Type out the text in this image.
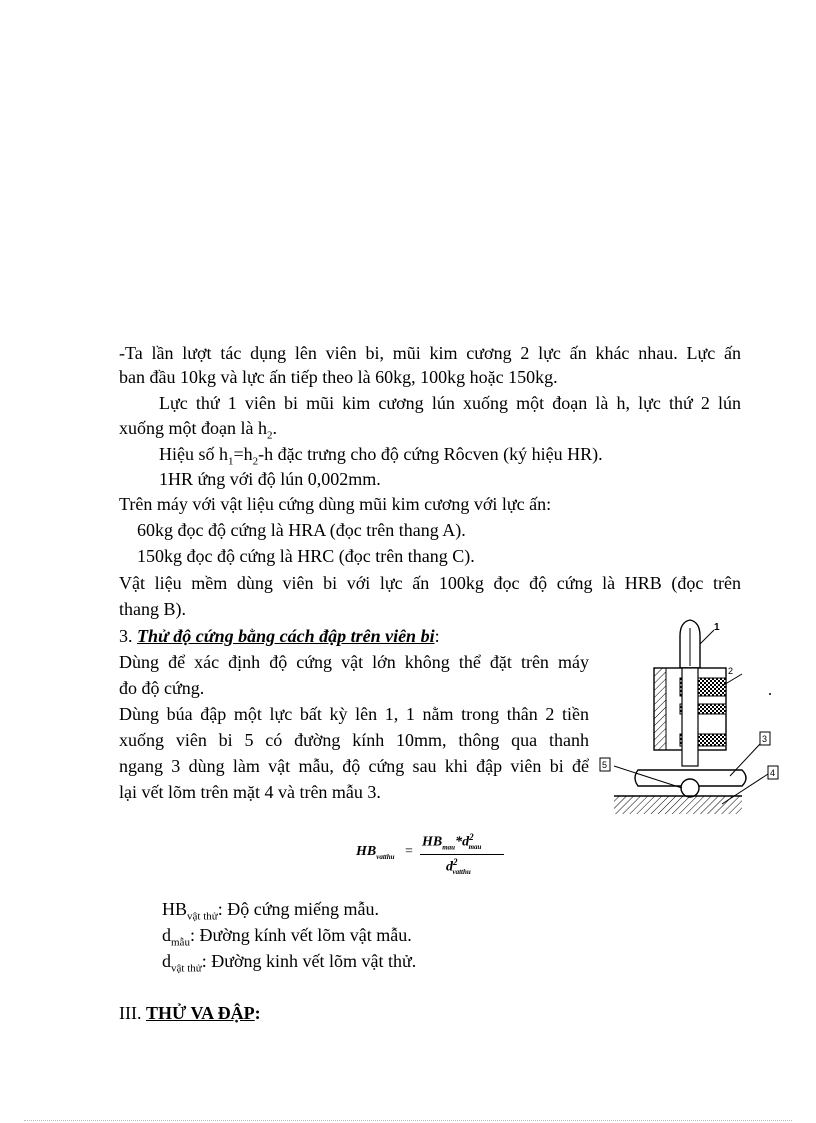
-Ta lần lượt tác dụng lên viên bi, mũi kim cương 2 lực ấn khác nhau. Lực ấn
ban đầu 10kg và lực ấn tiếp theo là 60kg, 100kg hoặc 150kg.
Lực thứ 1 viên bi mũi kim cương lún xuống một đoạn là h, lực thứ 2 lún
xuống một đoạn là $h_2$.
Hiệu số $h_1=h_2-h$ đặc trưng cho độ cứng Rôcven (ký hiệu HR).
1HR ứng với độ lún 0,002mm.
Trên máy với vật liệu cứng dùng mũi kim cương với lực ấn:
60kg đọc độ cứng là HRA (đọc trên thang A).
150kg đọc độ cứng là HRC (đọc trên thang C).
Vật liệu mềm dùng viên bi với lực ấn 100kg đọc độ cứng là HRB (đọc trên
thang B).
3. Thử độ cứng bằng cách đập trên viên bi:
Dùng để xác định độ cứng vật lớn không thể đặt trên máy
đo độ cứng.
Dùng búa đập một lực bất kỳ lên 1, 1 nằm trong thân 2 tiền
xuống viên bi 5 có đường kính 10mm, thông qua thanh
ngang 3 dùng làm vật mẫu, độ cứng sau khi đập viên bi để
lại vết lõm trên mặt 4 và trên mẫu 3.
1
2
3
4
5
$HB_{vatthu}$ =
$HB_{mau}*d^2_{mau}$
$d^2_{vatthu}$
$HB_{vật thử}$: Độ cứng miếng mẫu.
$d_{mẫu}$: Đường kính vết lõm vật mẫu.
$d_{vật thử}$: Đường kinh vết lõm vật thử.
III. THỬ VA ĐẬP:
